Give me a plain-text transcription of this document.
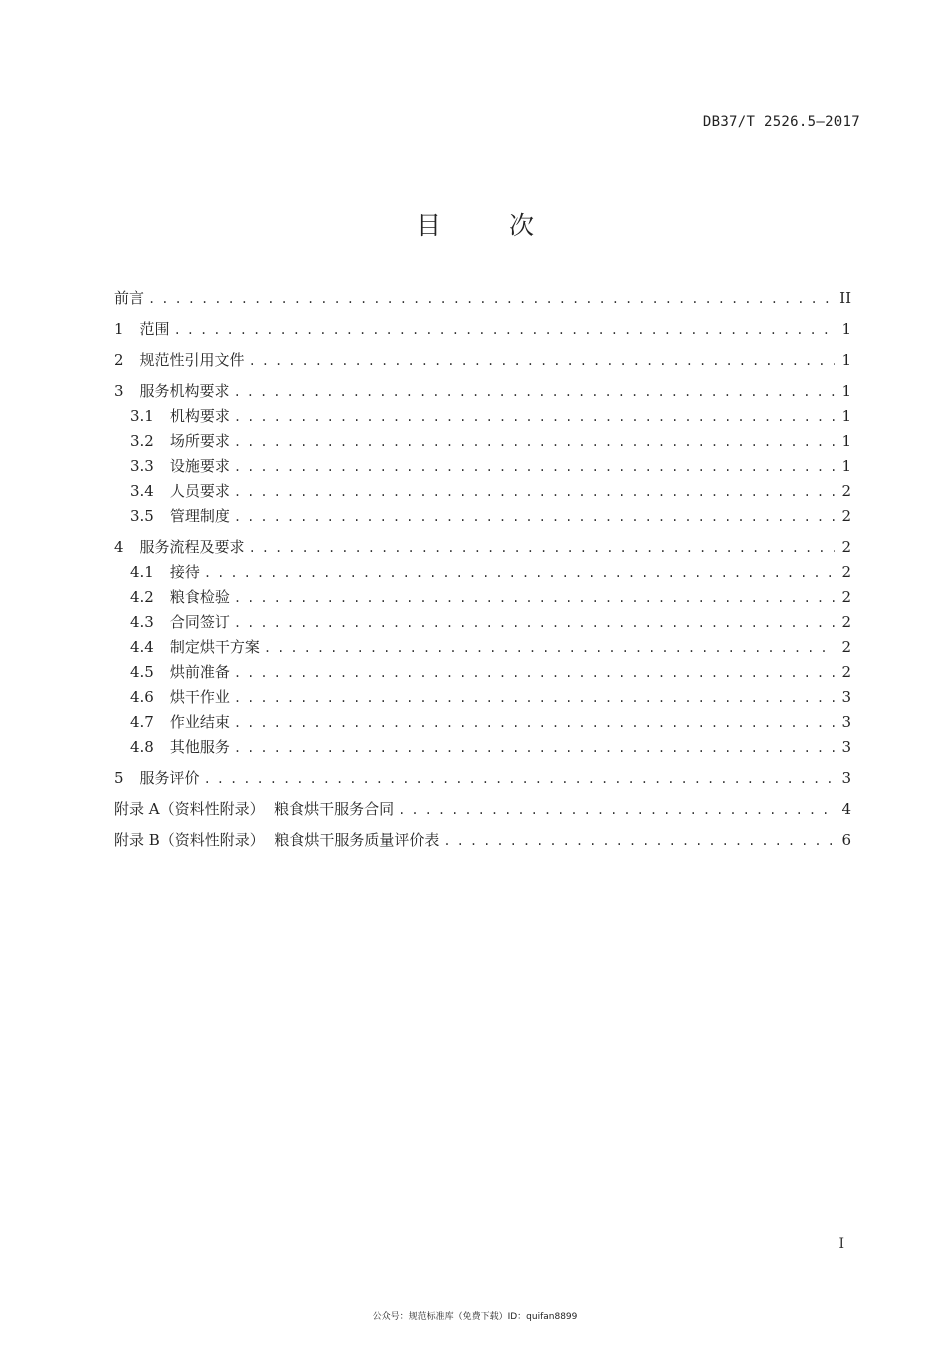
DB37/T 2526.5—2017
目 次
前言 . . .	II
1 范围 . . .	1
2 规范性引用文件 . . .	1
3 服务机构要求 . . .	1
3.1 机构要求 . . .	1
3.2 场所要求 . . .	1
3.3 设施要求 . . .	1
3.4 人员要求 . . .	2
3.5 管理制度 . . .	2
4 服务流程及要求 . . .	2
4.1 接待 . . .	2
4.2 粮食检验 . . .	2
4.3 合同签订 . . .	2
4.4 制定烘干方案 . . .	2
4.5 烘前准备 . . .	2
4.6 烘干作业 . . .	3
4.7 作业结束 . . .	3
4.8 其他服务 . . .	3
5 服务评价 . . .	3
附录 A（资料性附录）  粮食烘干服务合同 . . .	4
附录 B（资料性附录）  粮食烘干服务质量评价表 . . .	6
I
公众号：规范标准库（免费下载）ID：quifan8899
